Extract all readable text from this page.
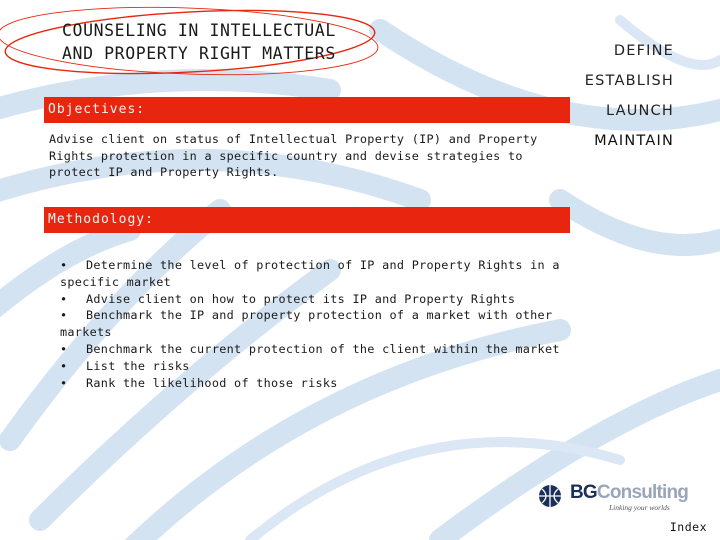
COUNSELING IN INTELLECTUAL
AND PROPERTY RIGHT MATTERS	DEFINE
ESTABLISH
LAUNCH
MAINTAIN
Objectives:

Advise client on status of Intellectual Property (IP) and Property Rights protection in a specific country and devise strategies to protect IP and Property Rights.

Methodology:
• Determine the level of protection of IP and Property Rights in a specific market
• Advise client on how to protect its IP and Property Rights
• Benchmark the IP and property protection of a market with other markets
• Benchmark the current protection of the client within the market
• List the risks
• Rank the likelihood of those risks
BGConsulting
Linking your worlds
Index
